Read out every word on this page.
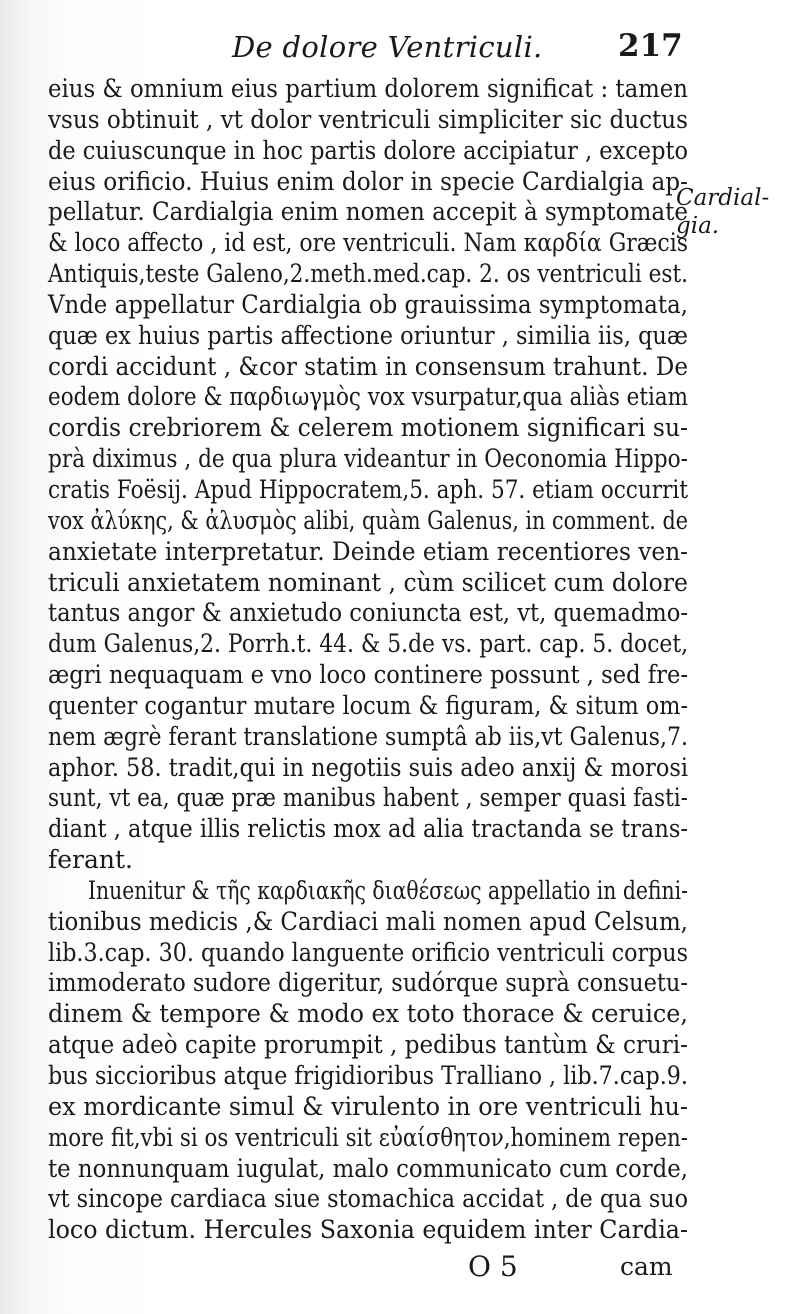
De dolore Ventriculi. 217
Cardial-
gia.
eius & omnium eius partium dolorem significat : tamen
vsus obtinuit , vt dolor ventriculi simpliciter sic ductus
de cuiuscunque in hoc partis dolore accipiatur , excepto
eius orificio. Huius enim dolor in specie Cardialgia ap-
pellatur. Cardialgia enim nomen accepit à symptomate
& loco affecto , id est, ore ventriculi. Nam καρδία Græcis
Antiquis,teste Galeno,2.meth.med.cap. 2. os ventriculi est.
Vnde appellatur Cardialgia ob grauissima symptomata,
quæ ex huius partis affectione oriuntur , similia iis, quæ
cordi accidunt , &cor statim in consensum trahunt. De
eodem dolore & παρδιωγμὸς vox vsurpatur,qua aliàs etiam
cordis crebriorem & celerem motionem significari su-
prà diximus , de qua plura videantur in Oeconomia Hippo-
cratis Foësij. Apud Hippocratem,5. aph. 57. etiam occurrit
vox ἀλύκης, & ἀλυσμὸς alibi, quàm Galenus, in comment. de
anxietate interpretatur. Deinde etiam recentiores ven-
triculi anxietatem nominant , cùm scilicet cum dolore
tantus angor & anxietudo coniuncta est, vt, quemadmo-
dum Galenus,2. Porrh.t. 44. & 5.de vs. part. cap. 5. docet,
ægri nequaquam e vno loco continere possunt , sed fre-
quenter cogantur mutare locum & figuram, & situm om-
nem ægrè ferant translatione sumptâ ab iis,vt Galenus,7.
aphor. 58. tradit,qui in negotiis suis adeo anxij & morosi
sunt, vt ea, quæ præ manibus habent , semper quasi fasti-
diant , atque illis relictis mox ad alia tractanda se trans-
ferant.
Inuenitur & τῆς καρδιακῆς διαθέσεως appellatio in defini-
tionibus medicis ,& Cardiaci mali nomen apud Celsum,
lib.3.cap. 30. quando languente orificio ventriculi corpus
immoderato sudore digeritur, sudórque suprà consuetu-
dinem & tempore & modo ex toto thorace & ceruice,
atque adeò capite prorumpit , pedibus tantùm & cruri-
bus siccioribus atque frigidioribus Tralliano , lib.7.cap.9.
ex mordicante simul & virulento in ore ventriculi hu-
more fit,vbi si os ventriculi sit εὐαίσθητον,hominem repen-
te nonnunquam iugulat, malo communicato cum corde,
vt sincope cardiaca siue stomachica accidat , de qua suo
loco dictum. Hercules Saxonia equidem inter Cardia-
O 5	cam
